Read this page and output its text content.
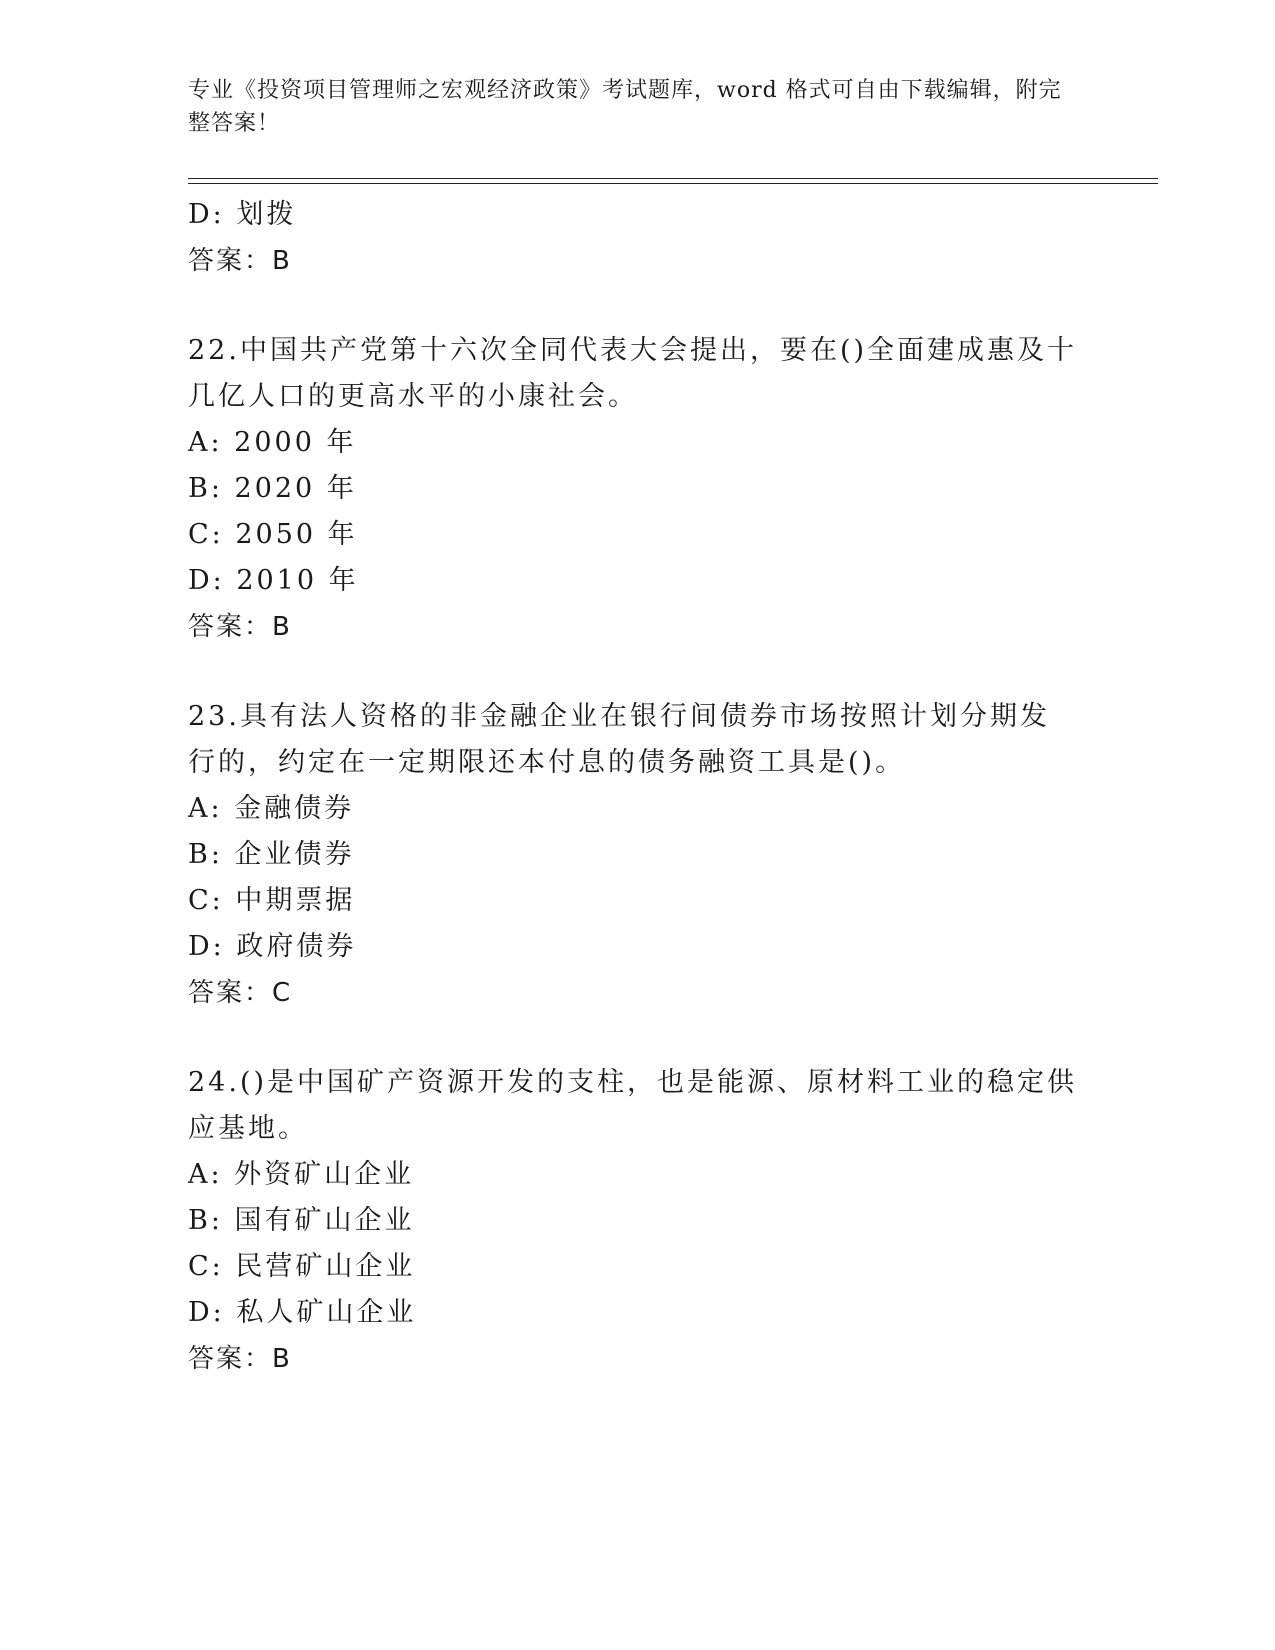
专业《投资项目管理师之宏观经济政策》考试题库，word 格式可自由下载编辑，附完整答案！
D: 划拨
答案：B
22.中国共产党第十六次全同代表大会提出，要在()全面建成惠及十几亿人口的更高水平的小康社会。
A: 2000 年
B: 2020 年
C: 2050 年
D: 2010 年
答案：B
23.具有法人资格的非金融企业在银行间债券市场按照计划分期发行的，约定在一定期限还本付息的债务融资工具是()。
A: 金融债券
B: 企业债券
C: 中期票据
D: 政府债券
答案：C
24.()是中国矿产资源开发的支柱，也是能源、原材料工业的稳定供应基地。
A: 外资矿山企业
B: 国有矿山企业
C: 民营矿山企业
D: 私人矿山企业
答案：B
